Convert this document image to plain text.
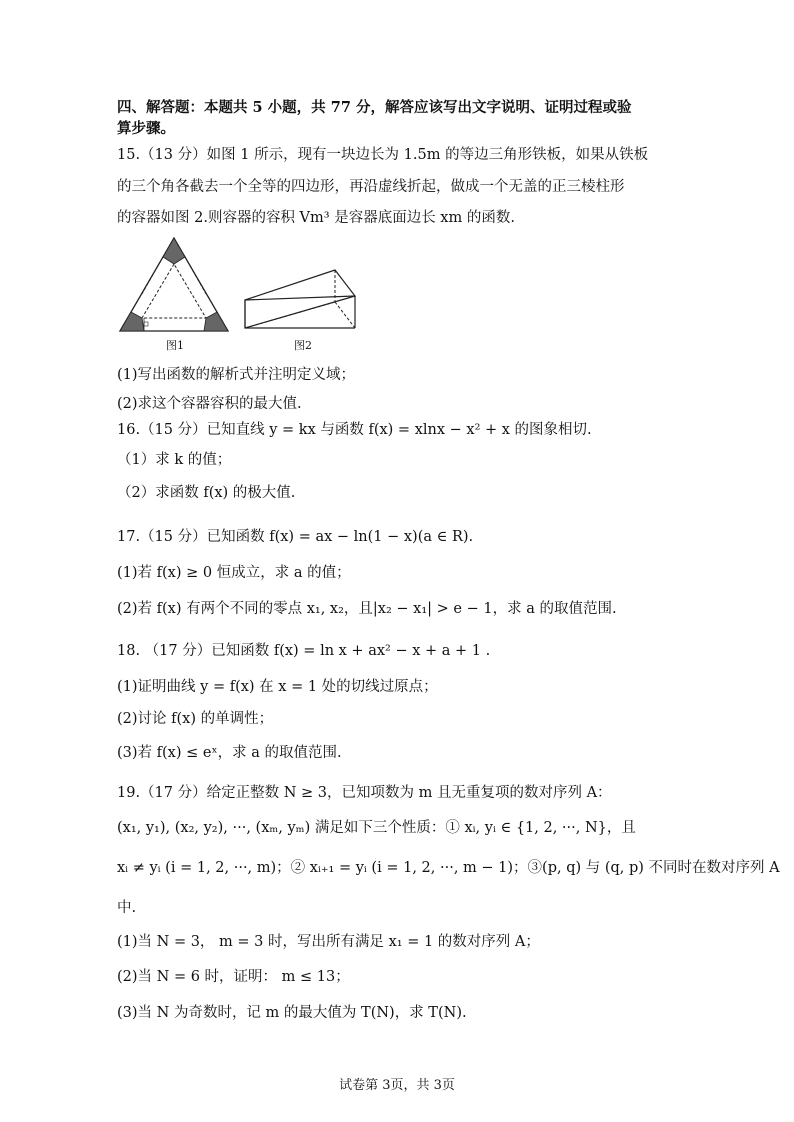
四、解答题：本题共 5 小题，共 77 分，解答应该写出文字说明、证明过程或验
算步骤。
15.（13 分）如图 1 所示，现有一块边长为 1.5m 的等边三角形铁板，如果从铁板
的三个角各截去一个全等的四边形，再沿虚线折起，做成一个无盖的正三棱柱形
的容器如图 2.则容器的容积 Vm³ 是容器底面边长 xm 的函数.
图1	图2
(1)写出函数的解析式并注明定义域；
(2)求这个容器容积的最大值.
16.（15 分）已知直线 y = kx 与函数 f(x) = xlnx − x² + x 的图象相切.
（1）求 k 的值；
（2）求函数 f(x) 的极大值.
17.（15 分）已知函数 f(x) = ax − ln(1 − x)(a ∈ R).
(1)若 f(x) ≥ 0 恒成立，求 a 的值；
(2)若 f(x) 有两个不同的零点 x₁, x₂，且|x₂ − x₁| > e − 1，求 a 的取值范围.
18. （17 分）已知函数 f(x) = ln x + ax² − x + a + 1 .
(1)证明曲线 y = f(x) 在 x = 1 处的切线过原点；
(2)讨论 f(x) 的单调性；
(3)若 f(x) ≤ eˣ，求 a 的取值范围.
19.（17 分）给定正整数 N ≥ 3，已知项数为 m 且无重复项的数对序列 A：
(x₁, y₁), (x₂, y₂), ···, (xₘ, yₘ) 满足如下三个性质：① xᵢ, yᵢ ∈ {1, 2, ···, N}，且
xᵢ ≠ yᵢ (i = 1, 2, ···, m)；② xᵢ₊₁ = yᵢ (i = 1, 2, ···, m − 1)；③(p, q) 与 (q, p) 不同时在数对序列 A
中.
(1)当 N = 3， m = 3 时，写出所有满足 x₁ = 1 的数对序列 A；
(2)当 N = 6 时，证明： m ≤ 13；
(3)当 N 为奇数时，记 m 的最大值为 T(N)，求 T(N).
试卷第 3页，共 3页
